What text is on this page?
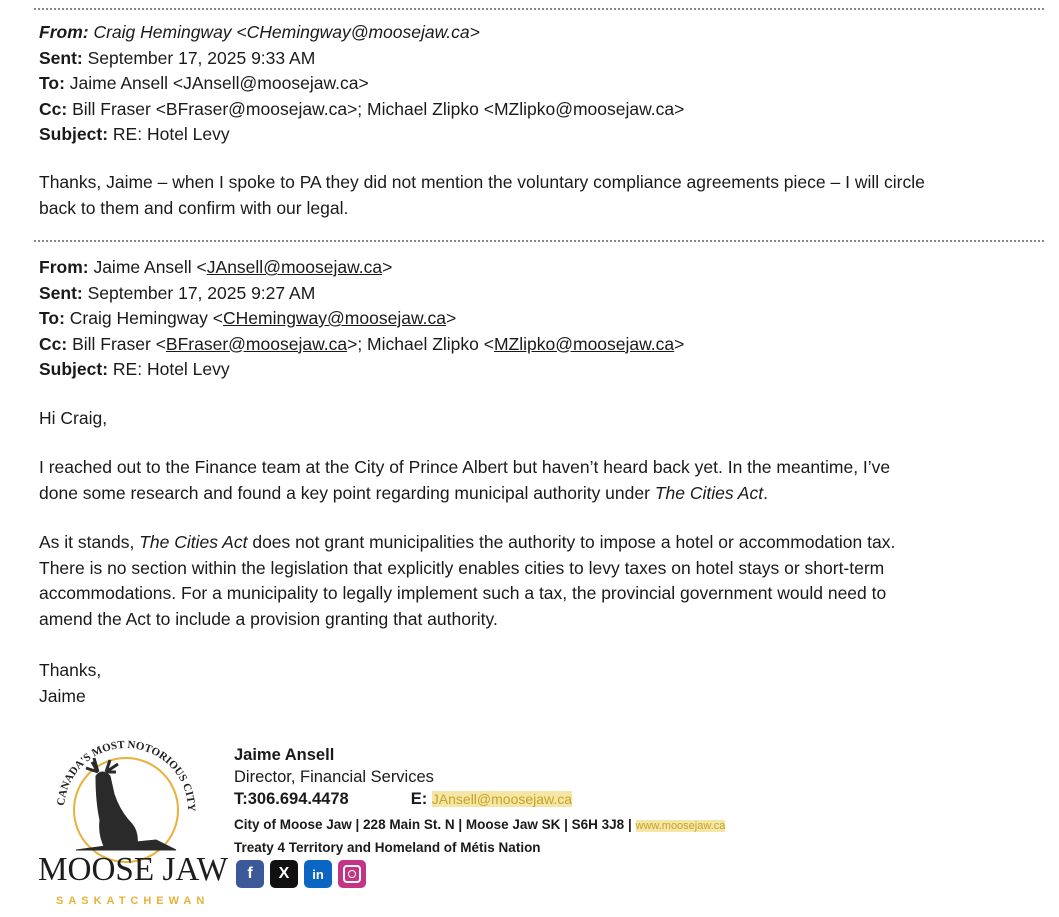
From: Craig Hemingway <CHemingway@moosejaw.ca>

Sent: September 17, 2025 9:33 AM

To: Jaime Ansell <JAnsell@moosejaw.ca>

Cc: Bill Fraser <BFraser@moosejaw.ca>; Michael Zlipko <MZlipko@moosejaw.ca>

Subject: RE: Hotel Levy

Thanks, Jaime – when I spoke to PA they did not mention the voluntary compliance agreements piece – I will circle

back to them and confirm with our legal.

From: Jaime Ansell <JAnsell@moosejaw.ca>

Sent: September 17, 2025 9:27 AM

To: Craig Hemingway <CHemingway@moosejaw.ca>

Cc: Bill Fraser <BFraser@moosejaw.ca>; Michael Zlipko <MZlipko@moosejaw.ca>

Subject: RE: Hotel Levy

Hi Craig,

I reached out to the Finance team at the City of Prince Albert but haven’t heard back yet. In the meantime, I’ve

done some research and found a key point regarding municipal authority under The Cities Act.

As it stands, The Cities Act does not grant municipalities the authority to impose a hotel or accommodation tax.

There is no section within the legislation that explicitly enables cities to levy taxes on hotel stays or short-term

accommodations. For a municipality to legally implement such a tax, the provincial government would need to

amend the Act to include a provision granting that authority.

Thanks,

Jaime

CANADA'S MOST NOTORIOUS CITY
MOOSE JAW
SASKATCHEWAN

Jaime Ansell

Director, Financial Services

T:306.694.4478	E: JAnsell@moosejaw.ca

City of Moose Jaw | 228 Main St. N | Moose Jaw SK | S6H 3J8 | www.moosejaw.ca

Treaty 4 Territory and Homeland of Métis Nation

f	X	in
